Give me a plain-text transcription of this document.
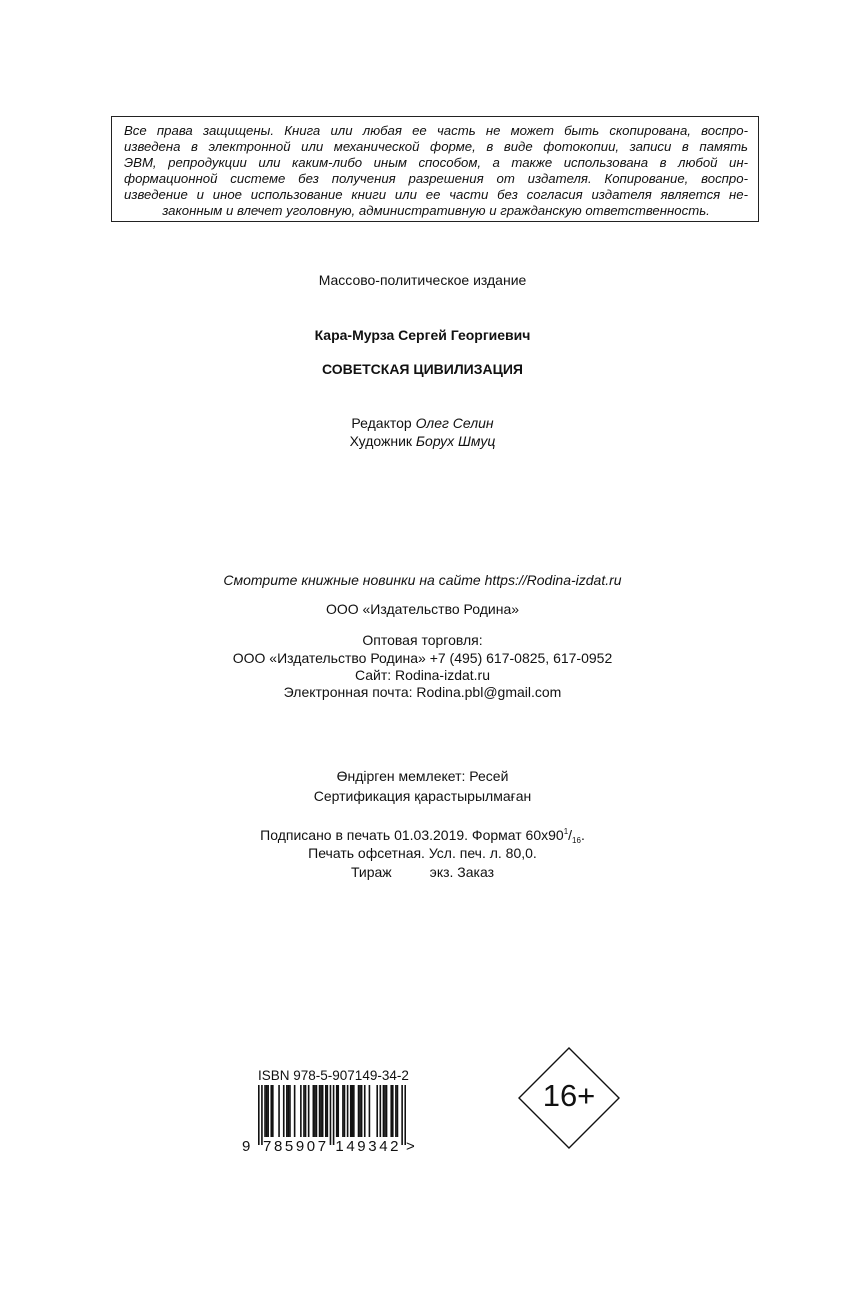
Все права защищены. Книга или любая ее часть не может быть скопирована, воспро-

изведена в электронной или механической форме, в виде фотокопии, записи в память

ЭВМ, репродукции или каким-либо иным способом, а также использована в любой ин-

формационной системе без получения разрешения от издателя. Копирование, воспро-

изведение и иное использование книги или ее части без согласия издателя является не-

законным и влечет уголовную, административную и гражданскую ответственность.

Массово-политическое издание

Кара-Мурза Сергей Георгиевич

СОВЕТСКАЯ ЦИВИЛИЗАЦИЯ

Редактор Олег Селин

Художник Борух Шмуц

Смотрите книжные новинки на сайте https://Rodina-izdat.ru

ООО «Издательство Родина»

Оптовая торговля:

ООО «Издательство Родина» +7 (495) 617-0825, 617-0952

Сайт: Rodina-izdat.ru

Электронная почта: Rodina.pbl@gmail.com

Өндірген мемлекет: Ресей

Сертификация қарастырылмаған

Подписано в печать 01.03.2019. Формат $60х90^1/_{16}$.

Печать офсетная. Усл. печ. л. 80,0.

Тираж	экз. Заказ

ISBN 978-5-907149-34-2
9 785907 149342 >
16+
